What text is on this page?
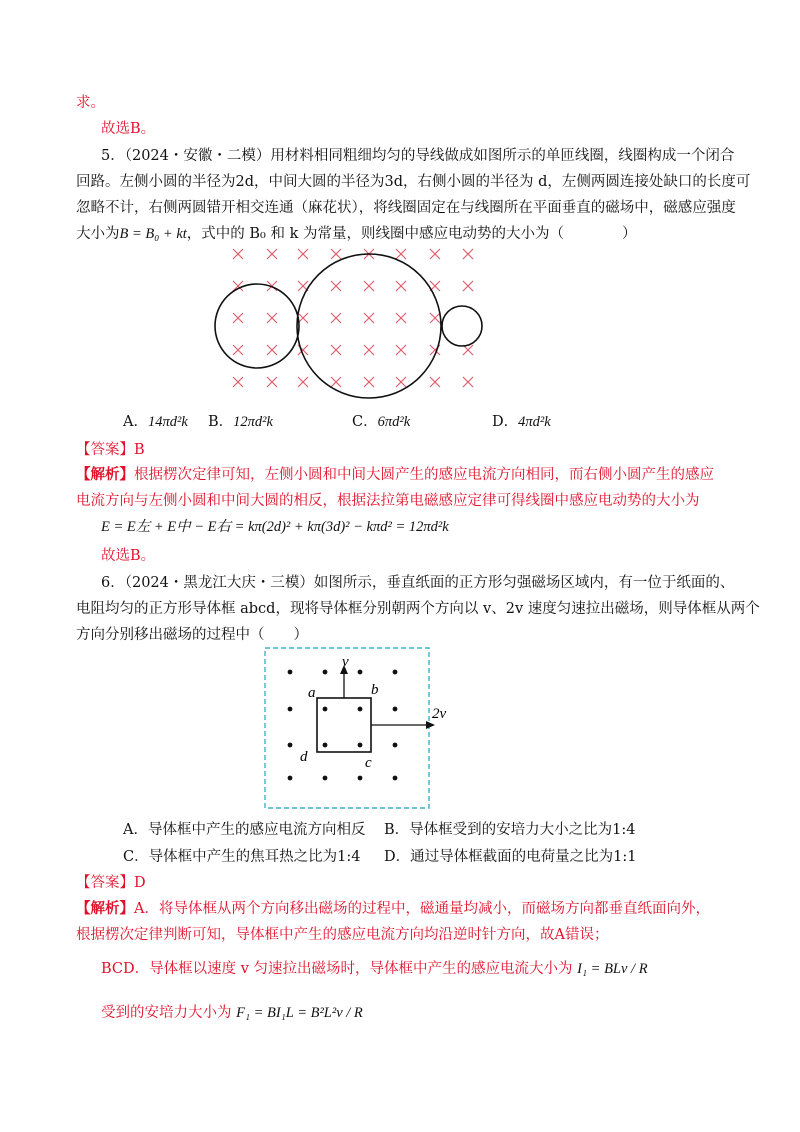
求。
故选B。
5．（2024・安徽・二模）用材料相同粗细均匀的导线做成如图所示的单匝线圈，线圈构成一个闭合
回路。左侧小圆的半径为2d，中间大圆的半径为3d，右侧小圆的半径为 d，左侧两圆连接处缺口的长度可
忽略不计，右侧两圆错开相交连通（麻花状），将线圈固定在与线圈所在平面垂直的磁场中，磁感应强度
大小为B = B₀ + kt，式中的 B₀ 和 k 为常量，则线圈中感应电动势的大小为（　　　　）
A．14πd²k B．12πd²k	C．6πd²k	D．4πd²k
【答案】B
【解析】根据楞次定律可知，左侧小圆和中间大圆产生的感应电流方向相同，而右侧小圆产生的感应
电流方向与左侧小圆和中间大圆的相反，根据法拉第电磁感应定律可得线圈中感应电动势的大小为
E = E左 + E中 − E右 = kπ(2d)² + kπ(3d)² − kπd² = 12πd²k
故选B。
6．（2024・黑龙江大庆・三模）如图所示，垂直纸面的正方形匀强磁场区域内，有一位于纸面的、
电阻均匀的正方形导体框 abcd，现将导体框分别朝两个方向以 v、2v 速度匀速拉出磁场，则导体框从两个
方向分别移出磁场的过程中（　　）
v
a	b
c
d
2v
A．导体框中产生的感应电流方向相反 B．导体框受到的安培力大小之比为1:4
C．导体框中产生的焦耳热之比为1:4 D．通过导体框截面的电荷量之比为1:1
【答案】D
【解析】A．将导体框从两个方向移出磁场的过程中，磁通量均减小，而磁场方向都垂直纸面向外，
根据楞次定律判断可知，导体框中产生的感应电流方向均沿逆时针方向，故A错误；
BCD．导体框以速度 v 匀速拉出磁场时，导体框中产生的感应电流大小为 I₁ = BLv / R
受到的安培力大小为 F₁ = BI₁L = B²L²v / R
